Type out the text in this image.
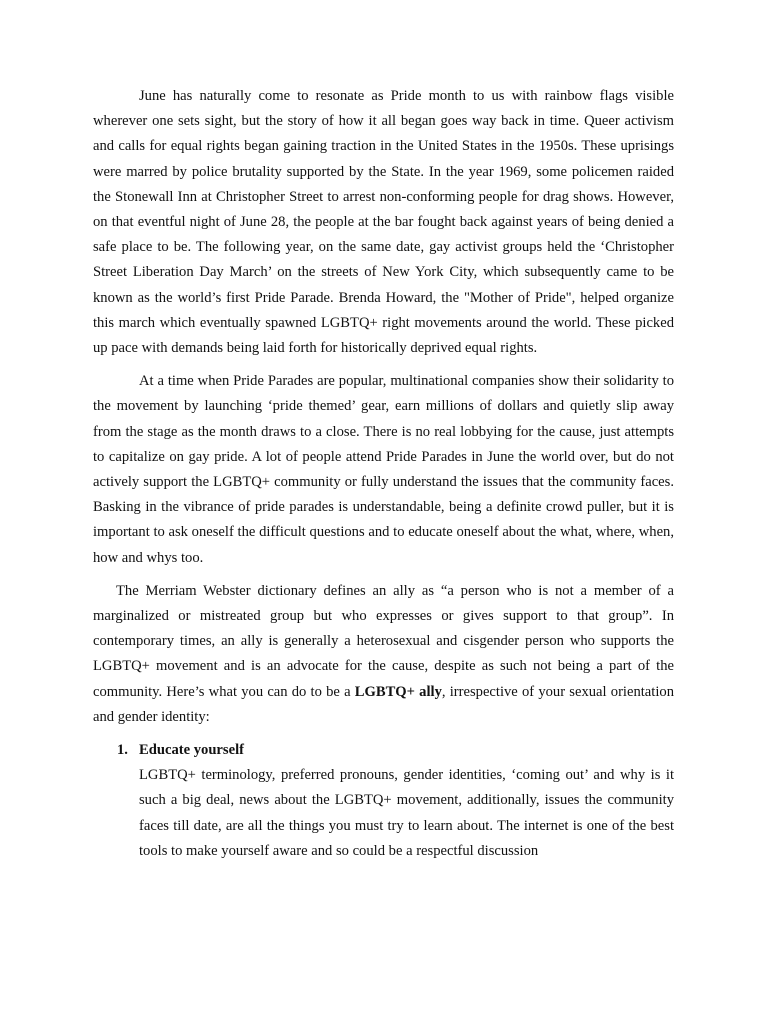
June has naturally come to resonate as Pride month to us with rainbow flags visible wherever one sets sight, but the story of how it all began goes way back in time. Queer activism and calls for equal rights began gaining traction in the United States in the 1950s. These uprisings were marred by police brutality supported by the State. In the year 1969, some policemen raided the Stonewall Inn at Christopher Street to arrest non-conforming people for drag shows. However, on that eventful night of June 28, the people at the bar fought back against years of being denied a safe place to be. The following year, on the same date, gay activist groups held the ‘Christopher Street Liberation Day March’ on the streets of New York City, which subsequently came to be known as the world’s first Pride Parade. Brenda Howard, the "Mother of Pride", helped organize this march which eventually spawned LGBTQ+ right movements around the world. These picked up pace with demands being laid forth for historically deprived equal rights.

At a time when Pride Parades are popular, multinational companies show their solidarity to the movement by launching ‘pride themed’ gear, earn millions of dollars and quietly slip away from the stage as the month draws to a close. There is no real lobbying for the cause, just attempts to capitalize on gay pride. A lot of people attend Pride Parades in June the world over, but do not actively support the LGBTQ+ community or fully understand the issues that the community faces. Basking in the vibrance of pride parades is understandable, being a definite crowd puller, but it is important to ask oneself the difficult questions and to educate oneself about the what, where, when, how and whys too.

The Merriam Webster dictionary defines an ally as “a person who is not a member of a marginalized or mistreated group but who expresses or gives support to that group”. In contemporary times, an ally is generally a heterosexual and cisgender person who supports the LGBTQ+ movement and is an advocate for the cause, despite as such not being a part of the community. Here’s what you can do to be a LGBTQ+ ally, irrespective of your sexual orientation and gender identity:

1. Educate yourself
LGBTQ+ terminology, preferred pronouns, gender identities, ‘coming out’ and why is it such a big deal, news about the LGBTQ+ movement, additionally, issues the community faces till date, are all the things you must try to learn about. The internet is one of the best tools to make yourself aware and so could be a respectful discussion
